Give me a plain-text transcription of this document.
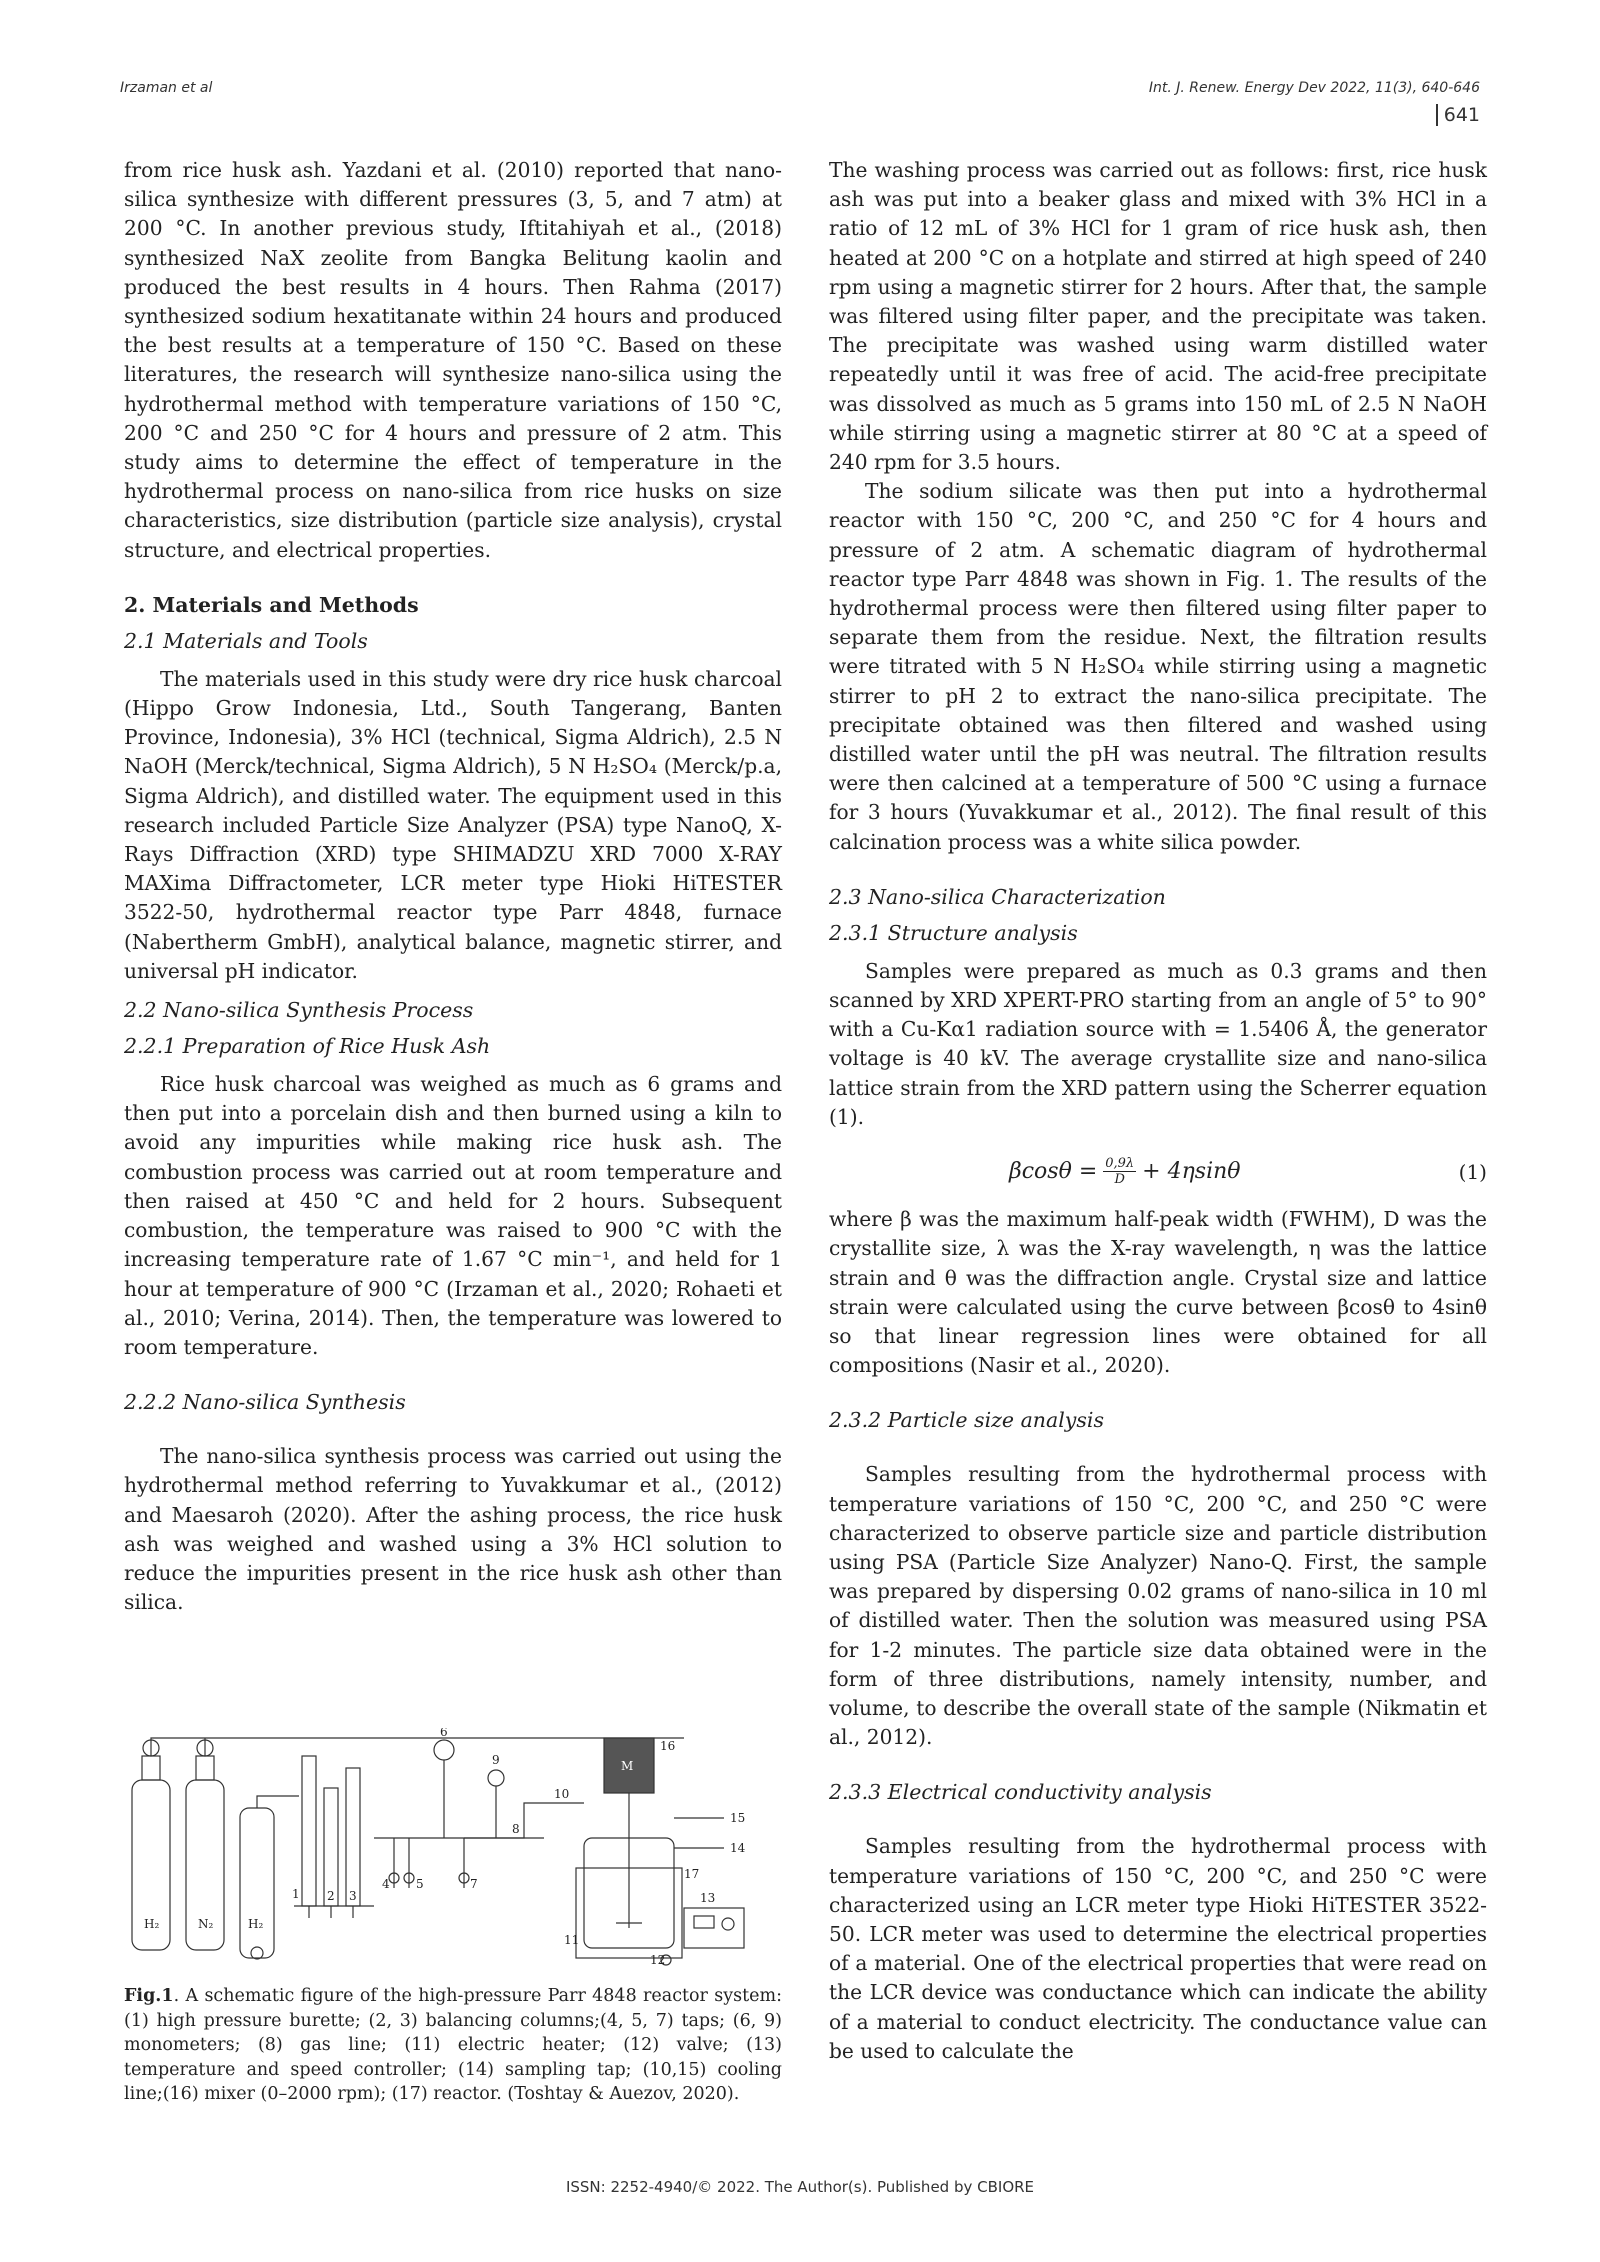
Irzaman et al	Int. J. Renew. Energy Dev 2022, 11(3), 640-646
641

from rice husk ash. Yazdani et al. (2010) reported that nano-silica synthesize with different pressures (3, 5, and 7 atm) at 200 °C. In another previous study, Iftitahiyah et al., (2018) synthesized NaX zeolite from Bangka Belitung kaolin and produced the best results in 4 hours. Then Rahma (2017) synthesized sodium hexatitanate within 24 hours and produced the best results at a temperature of 150 °C. Based on these literatures, the research will synthesize nano-silica using the hydrothermal method with temperature variations of 150 °C, 200 °C and 250 °C for 4 hours and pressure of 2 atm. This study aims to determine the effect of temperature in the hydrothermal process on nano-silica from rice husks on size characteristics, size distribution (particle size analysis), crystal structure, and electrical properties.

2. Materials and Methods

2.1 Materials and Tools

The materials used in this study were dry rice husk charcoal (Hippo Grow Indonesia, Ltd., South Tangerang, Banten Province, Indonesia), 3% HCl (technical, Sigma Aldrich), 2.5 N NaOH (Merck/technical, Sigma Aldrich), 5 N H₂SO₄ (Merck/p.a, Sigma Aldrich), and distilled water. The equipment used in this research included Particle Size Analyzer (PSA) type NanoQ, X-Rays Diffraction (XRD) type SHIMADZU XRD 7000 X-RAY MAXima Diffractometer, LCR meter type Hioki HiTESTER 3522-50, hydrothermal reactor type Parr 4848, furnace (Nabertherm GmbH), analytical balance, magnetic stirrer, and universal pH indicator.

2.2 Nano-silica Synthesis Process

2.2.1 Preparation of Rice Husk Ash

Rice husk charcoal was weighed as much as 6 grams and then put into a porcelain dish and then burned using a kiln to avoid any impurities while making rice husk ash. The combustion process was carried out at room temperature and then raised at 450 °C and held for 2 hours. Subsequent combustion, the temperature was raised to 900 °C with the increasing temperature rate of 1.67 °C min⁻¹, and held for 1 hour at temperature of 900 °C (Irzaman et al., 2020; Rohaeti et al., 2010; Verina, 2014). Then, the temperature was lowered to room temperature.

2.2.2 Nano-silica Synthesis

The nano-silica synthesis process was carried out using the hydrothermal method referring to Yuvakkumar et al., (2012) and Maesaroh (2020). After the ashing process, the rice husk ash was weighed and washed using a 3% HCl solution to reduce the impurities present in the rice husk ash other than silica.

H₂	N₂	H₂
M
1 2 3
4 5
6
7
8
9
10
11
12
13
14
15
16
17
Fig.1. A schematic figure of the high-pressure Parr 4848 reactor system: (1) high pressure burette; (2, 3) balancing columns;(4, 5, 7) taps; (6, 9) monometers; (8) gas line; (11) electric heater; (12) valve; (13) temperature and speed controller; (14) sampling tap; (10,15) cooling line;(16) mixer (0–2000 rpm); (17) reactor. (Toshtay & Auezov, 2020).

The washing process was carried out as follows: first, rice husk ash was put into a beaker glass and mixed with 3% HCl in a ratio of 12 mL of 3% HCl for 1 gram of rice husk ash, then heated at 200 °C on a hotplate and stirred at high speed of 240 rpm using a magnetic stirrer for 2 hours. After that, the sample was filtered using filter paper, and the precipitate was taken. The precipitate was washed using warm distilled water repeatedly until it was free of acid. The acid-free precipitate was dissolved as much as 5 grams into 150 mL of 2.5 N NaOH while stirring using a magnetic stirrer at 80 °C at a speed of 240 rpm for 3.5 hours.

The sodium silicate was then put into a hydrothermal reactor with 150 °C, 200 °C, and 250 °C for 4 hours and pressure of 2 atm. A schematic diagram of hydrothermal reactor type Parr 4848 was shown in Fig. 1. The results of the hydrothermal process were then filtered using filter paper to separate them from the residue. Next, the filtration results were titrated with 5 N H₂SO₄ while stirring using a magnetic stirrer to pH 2 to extract the nano-silica precipitate. The precipitate obtained was then filtered and washed using distilled water until the pH was neutral. The filtration results were then calcined at a temperature of 500 °C using a furnace for 3 hours (Yuvakkumar et al., 2012). The final result of this calcination process was a white silica powder.

2.3 Nano-silica Characterization

2.3.1 Structure analysis

Samples were prepared as much as 0.3 grams and then scanned by XRD XPERT-PRO starting from an angle of 5° to 90° with a Cu-Kα1 radiation source with = 1.5406 Å, the generator voltage is 40 kV. The average crystallite size and nano-silica lattice strain from the XRD pattern using the Scherrer equation (1).

$\beta\cos\theta = \frac{0,9\lambda}{D} + 4\eta\sin\theta$	(1)

where β was the maximum half-peak width (FWHM), D was the crystallite size, λ was the X-ray wavelength, η was the lattice strain and θ was the diffraction angle. Crystal size and lattice strain were calculated using the curve between βcosθ to 4sinθ so that linear regression lines were obtained for all compositions (Nasir et al., 2020).

2.3.2 Particle size analysis

Samples resulting from the hydrothermal process with temperature variations of 150 °C, 200 °C, and 250 °C were characterized to observe particle size and particle distribution using PSA (Particle Size Analyzer) Nano-Q. First, the sample was prepared by dispersing 0.02 grams of nano-silica in 10 ml of distilled water. Then the solution was measured using PSA for 1-2 minutes. The particle size data obtained were in the form of three distributions, namely intensity, number, and volume, to describe the overall state of the sample (Nikmatin et al., 2012).

2.3.3 Electrical conductivity analysis

Samples resulting from the hydrothermal process with temperature variations of 150 °C, 200 °C, and 250 °C were characterized using an LCR meter type Hioki HiTESTER 3522-50. LCR meter was used to determine the electrical properties of a material. One of the electrical properties that were read on the LCR device was conductance which can indicate the ability of a material to conduct electricity. The conductance value can be used to calculate the

ISSN: 2252-4940/© 2022. The Author(s). Published by CBIORE
